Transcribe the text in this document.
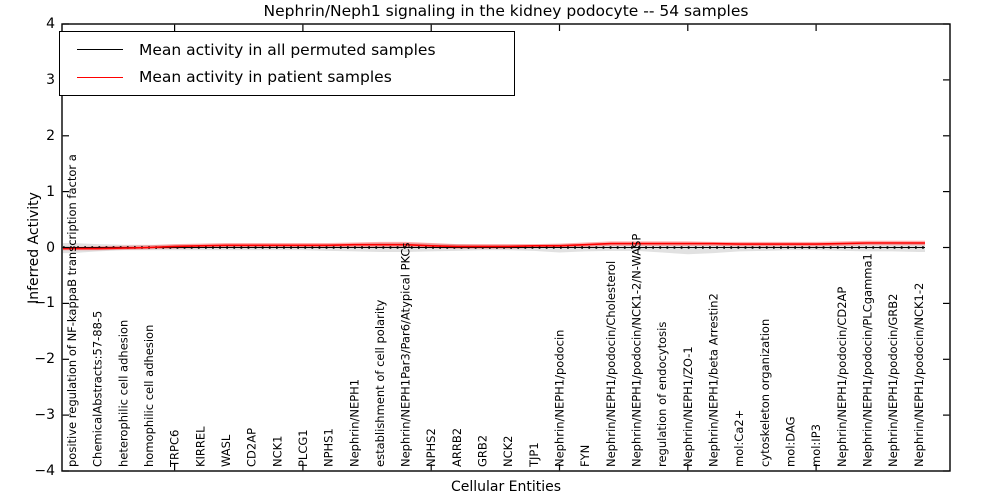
positive regulation of NF-kappaB transcription factor a ChemicalAbstracts:57-88-5 heterophilic cell adhesion homophilic cell adhesion TRPC6 KIRREL WASL CD2AP NCK1 PLCG1 NPHS1 Nephrin/NEPH1 establishment of cell polarity Nephrin/NEPH1Par3/Par6/Atypical PKCs NPHS2 ARRB2 GRB2 NCK2 TJP1 Nephrin/NEPH1/podocin FYN Nephrin/NEPH1/podocin/Cholesterol Nephrin/NEPH1/podocin/NCK1-2/N-WASP regulation of endocytosis Nephrin/NEPH1/ZO-1 Nephrin/NEPH1/beta Arrestin2 mol:Ca2+ cytoskeleton organization mol:DAG mol:IP3 Nephrin/NEPH1/podocin/CD2AP Nephrin/NEPH1/podocin/PLCgamma1 Nephrin/NEPH1/podocin/GRB2 Nephrin/NEPH1/podocin/NCK1-2
Nephrin/Neph1 signaling in the kidney podocyte -- 54 samples
Inferred Activity
Cellular Entities
4
3
2
1
0
−1
−2
−3
−4
Mean activity in all permuted samples
Mean activity in patient samples
